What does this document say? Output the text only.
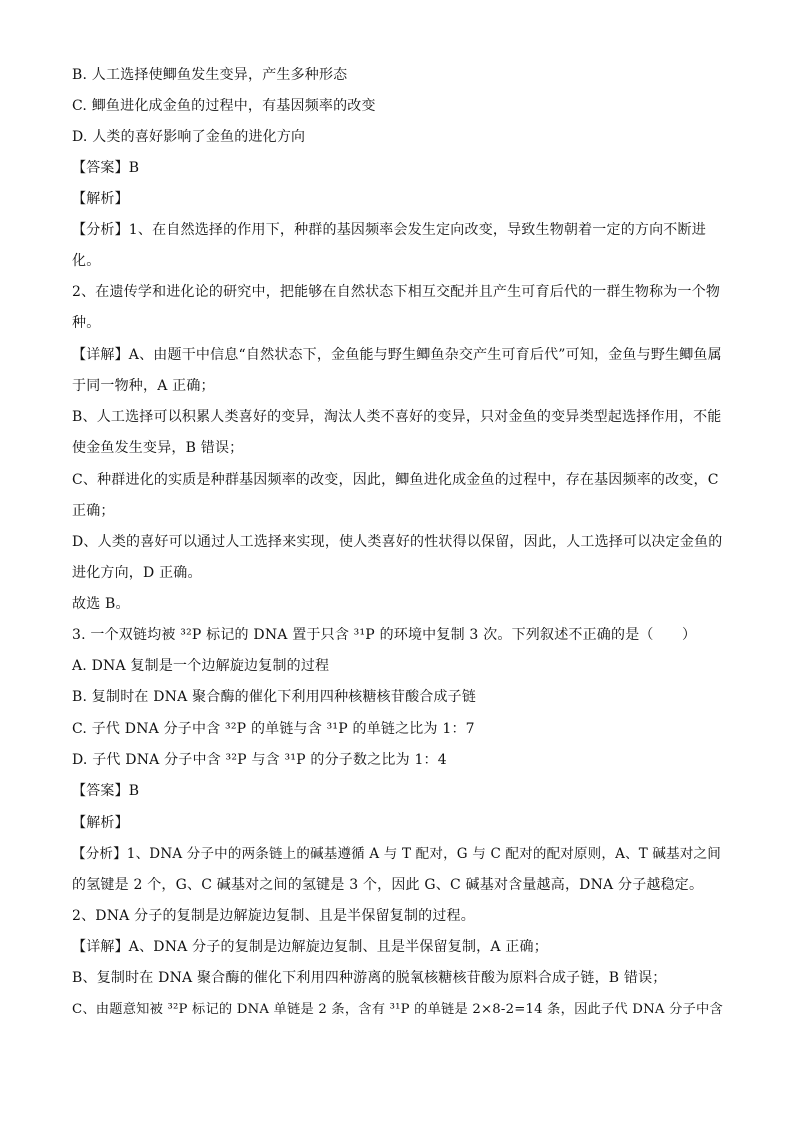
B. 人工选择使鲫鱼发生变异，产生多种形态
C. 鲫鱼进化成金鱼的过程中，有基因频率的改变
D. 人类的喜好影响了金鱼的进化方向
【答案】B
【解析】
【分析】1、在自然选择的作用下，种群的基因频率会发生定向改变，导致生物朝着一定的方向不断进
化。
2、在遗传学和进化论的研究中，把能够在自然状态下相互交配并且产生可育后代的一群生物称为一个物
种。
【详解】A、由题干中信息“自然状态下，金鱼能与野生鲫鱼杂交产生可育后代”可知，金鱼与野生鲫鱼属
于同一物种，A 正确；
B、人工选择可以积累人类喜好的变异，淘汰人类不喜好的变异，只对金鱼的变异类型起选择作用，不能
使金鱼发生变异，B 错误；
C、种群进化的实质是种群基因频率的改变，因此，鲫鱼进化成金鱼的过程中，存在基因频率的改变，C
正确；
D、人类的喜好可以通过人工选择来实现，使人类喜好的性状得以保留，因此，人工选择可以决定金鱼的
进化方向，D 正确。
故选 B。
3. 一个双链均被 ³²P 标记的 DNA 置于只含 ³¹P 的环境中复制 3 次。下列叙述不正确的是（　　）
A. DNA 复制是一个边解旋边复制的过程
B. 复制时在 DNA 聚合酶的催化下利用四种核糖核苷酸合成子链
C. 子代 DNA 分子中含 ³²P 的单链与含 ³¹P 的单链之比为 1：7
D. 子代 DNA 分子中含 ³²P 与含 ³¹P 的分子数之比为 1：4
【答案】B
【解析】
【分析】1、DNA 分子中的两条链上的碱基遵循 A 与 T 配对，G 与 C 配对的配对原则，A、T 碱基对之间
的氢键是 2 个，G、C 碱基对之间的氢键是 3 个，因此 G、C 碱基对含量越高，DNA 分子越稳定。
2、DNA 分子的复制是边解旋边复制、且是半保留复制的过程。
【详解】A、DNA 分子的复制是边解旋边复制、且是半保留复制，A 正确；
B、复制时在 DNA 聚合酶的催化下利用四种游离的脱氧核糖核苷酸为原料合成子链，B 错误；
C、由题意知被 ³²P 标记的 DNA 单链是 2 条，含有 ³¹P 的单链是 2×8-2=14 条，因此子代 DNA 分子中含
